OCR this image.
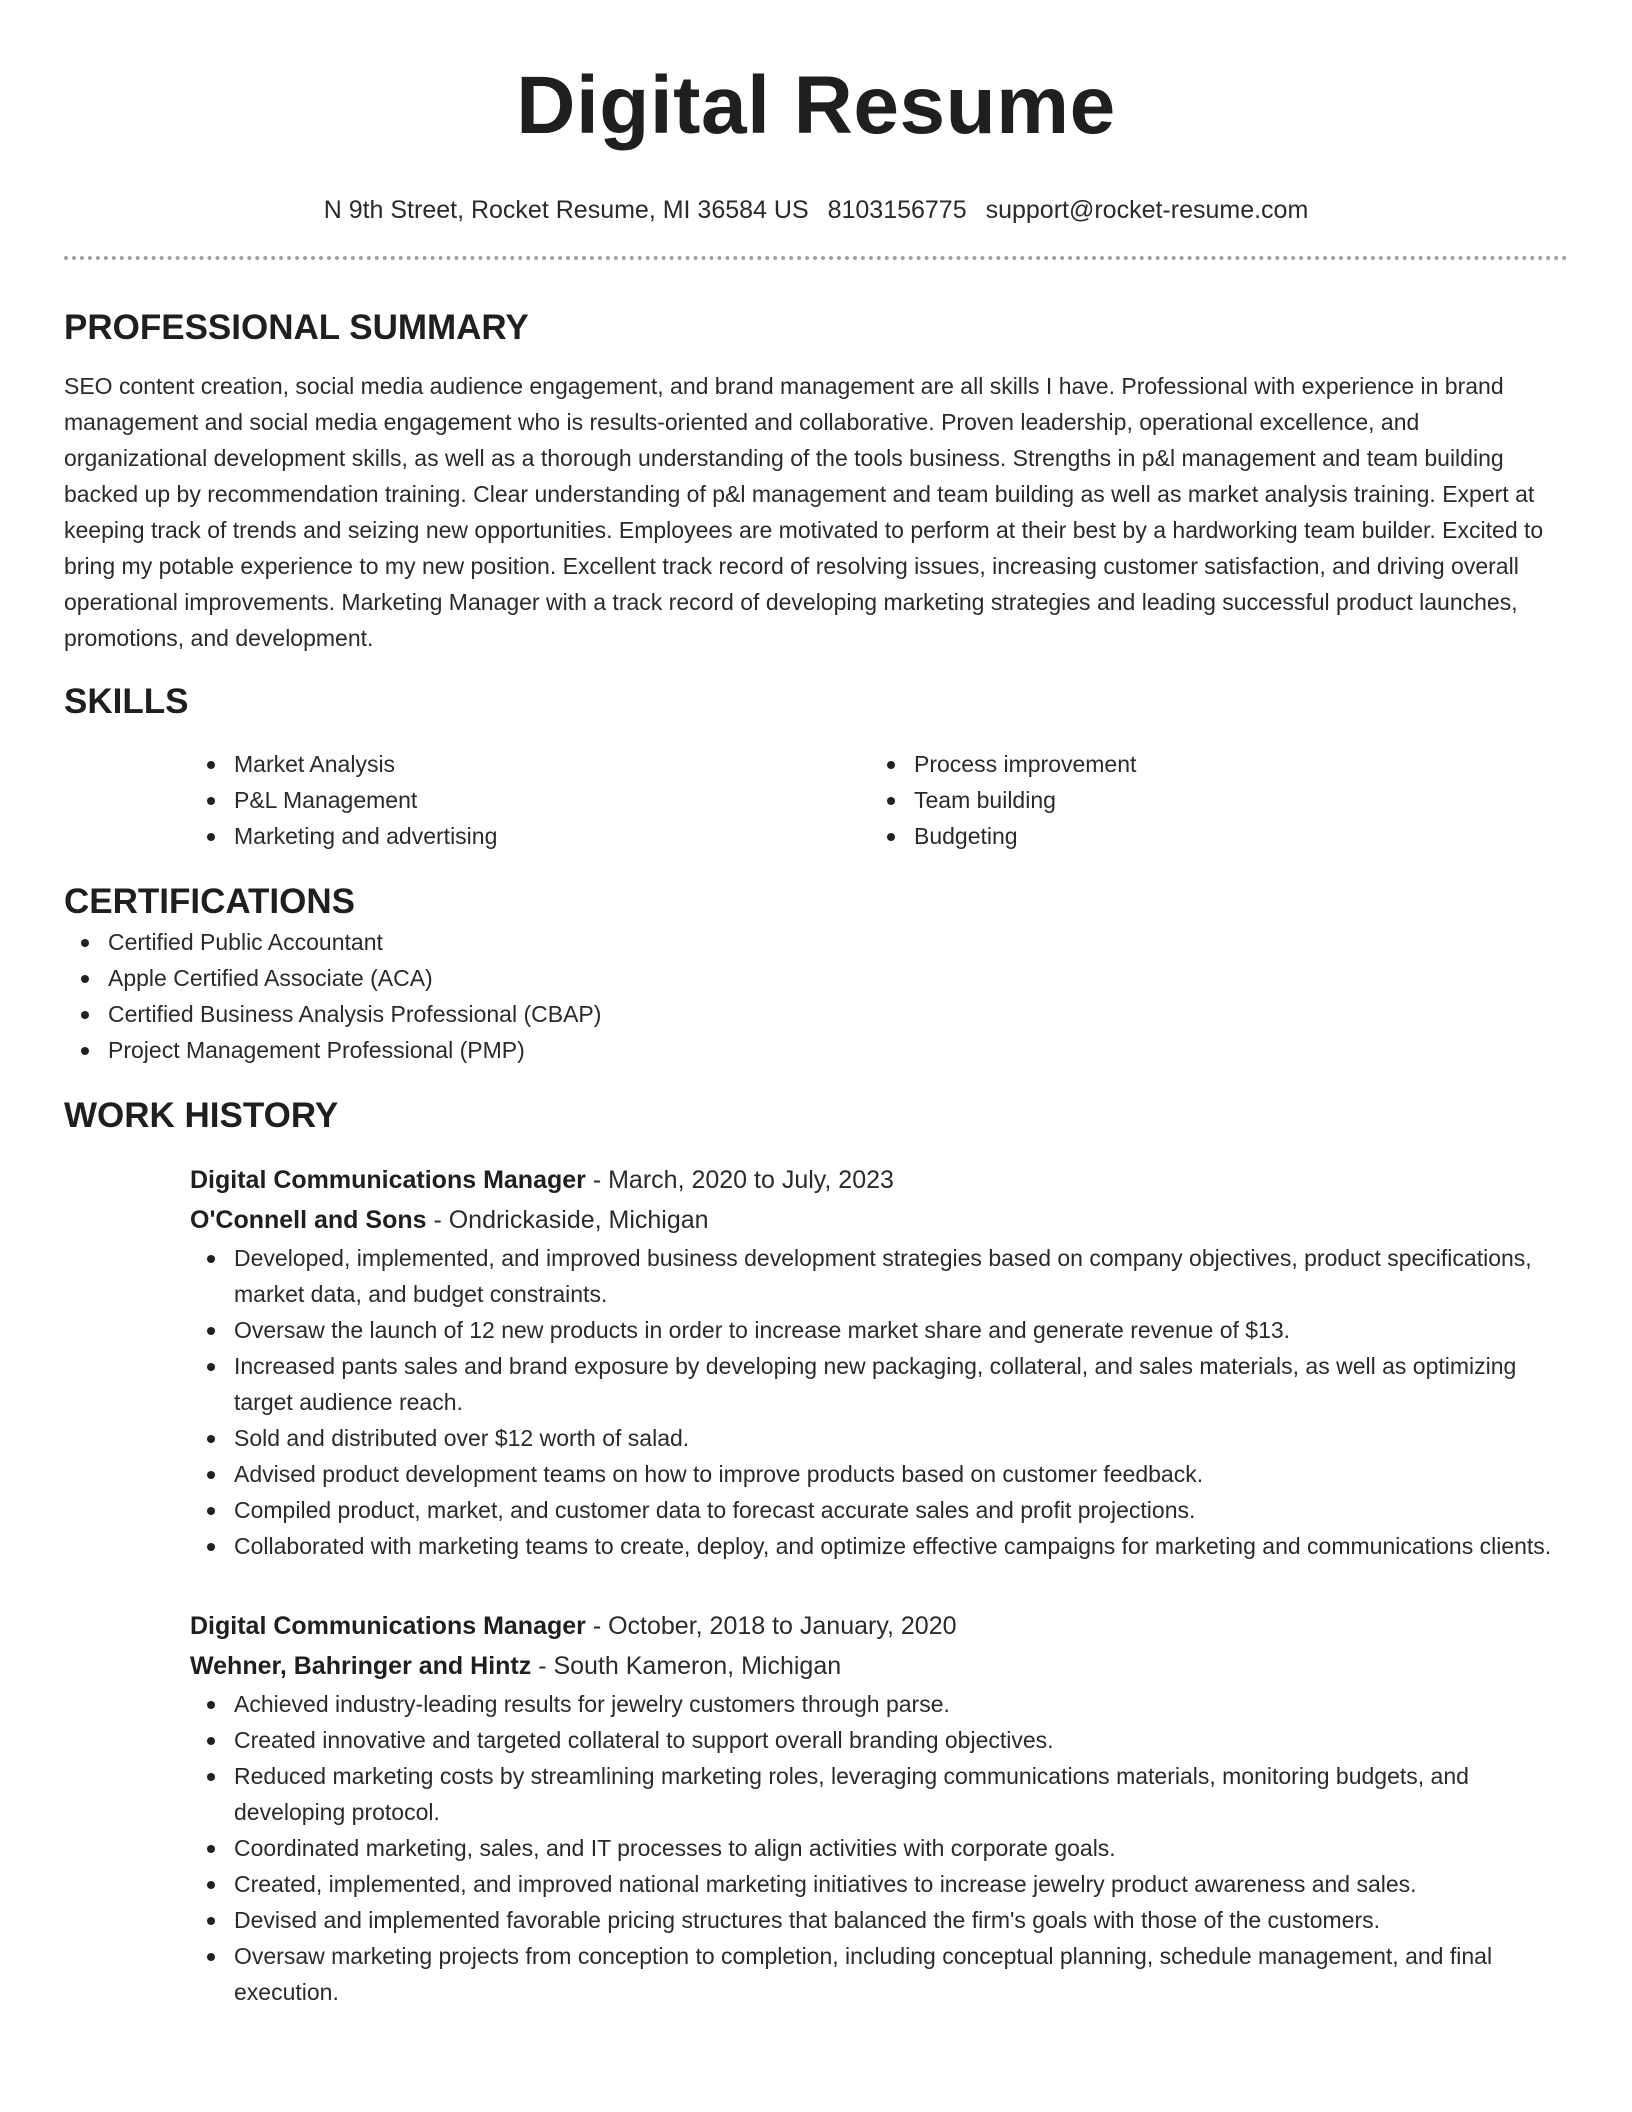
Digital Resume
N 9th Street, Rocket Resume, MI 36584 US 8103156775 support@rocket-resume.com
PROFESSIONAL SUMMARY

SEO content creation, social media audience engagement, and brand management are all skills I have. Professional with experience in brand management and social media engagement who is results-oriented and collaborative. Proven leadership, operational excellence, and organizational development skills, as well as a thorough understanding of the tools business. Strengths in p&l management and team building backed up by recommendation training. Clear understanding of p&l management and team building as well as market analysis training. Expert at keeping track of trends and seizing new opportunities. Employees are motivated to perform at their best by a hardworking team builder. Excited to bring my potable experience to my new position. Excellent track record of resolving issues, increasing customer satisfaction, and driving overall operational improvements. Marketing Manager with a track record of developing marketing strategies and leading successful product launches, promotions, and development.

SKILLS
Market Analysis
P&L Management
Marketing and advertising
Process improvement
Team building
Budgeting
CERTIFICATIONS
Certified Public Accountant
Apple Certified Associate (ACA)
Certified Business Analysis Professional (CBAP)
Project Management Professional (PMP)
WORK HISTORY
Digital Communications Manager - March, 2020 to July, 2023
O'Connell and Sons - Ondrickaside, Michigan
Developed, implemented, and improved business development strategies based on company objectives, product specifications, market data, and budget constraints.
Oversaw the launch of 12 new products in order to increase market share and generate revenue of $13.
Increased pants sales and brand exposure by developing new packaging, collateral, and sales materials, as well as optimizing target audience reach.
Sold and distributed over $12 worth of salad.
Advised product development teams on how to improve products based on customer feedback.
Compiled product, market, and customer data to forecast accurate sales and profit projections.
Collaborated with marketing teams to create, deploy, and optimize effective campaigns for marketing and communications clients.
Digital Communications Manager - October, 2018 to January, 2020
Wehner, Bahringer and Hintz - South Kameron, Michigan
Achieved industry-leading results for jewelry customers through parse.
Created innovative and targeted collateral to support overall branding objectives.
Reduced marketing costs by streamlining marketing roles, leveraging communications materials, monitoring budgets, and developing protocol.
Coordinated marketing, sales, and IT processes to align activities with corporate goals.
Created, implemented, and improved national marketing initiatives to increase jewelry product awareness and sales.
Devised and implemented favorable pricing structures that balanced the firm's goals with those of the customers.
Oversaw marketing projects from conception to completion, including conceptual planning, schedule management, and final execution.
